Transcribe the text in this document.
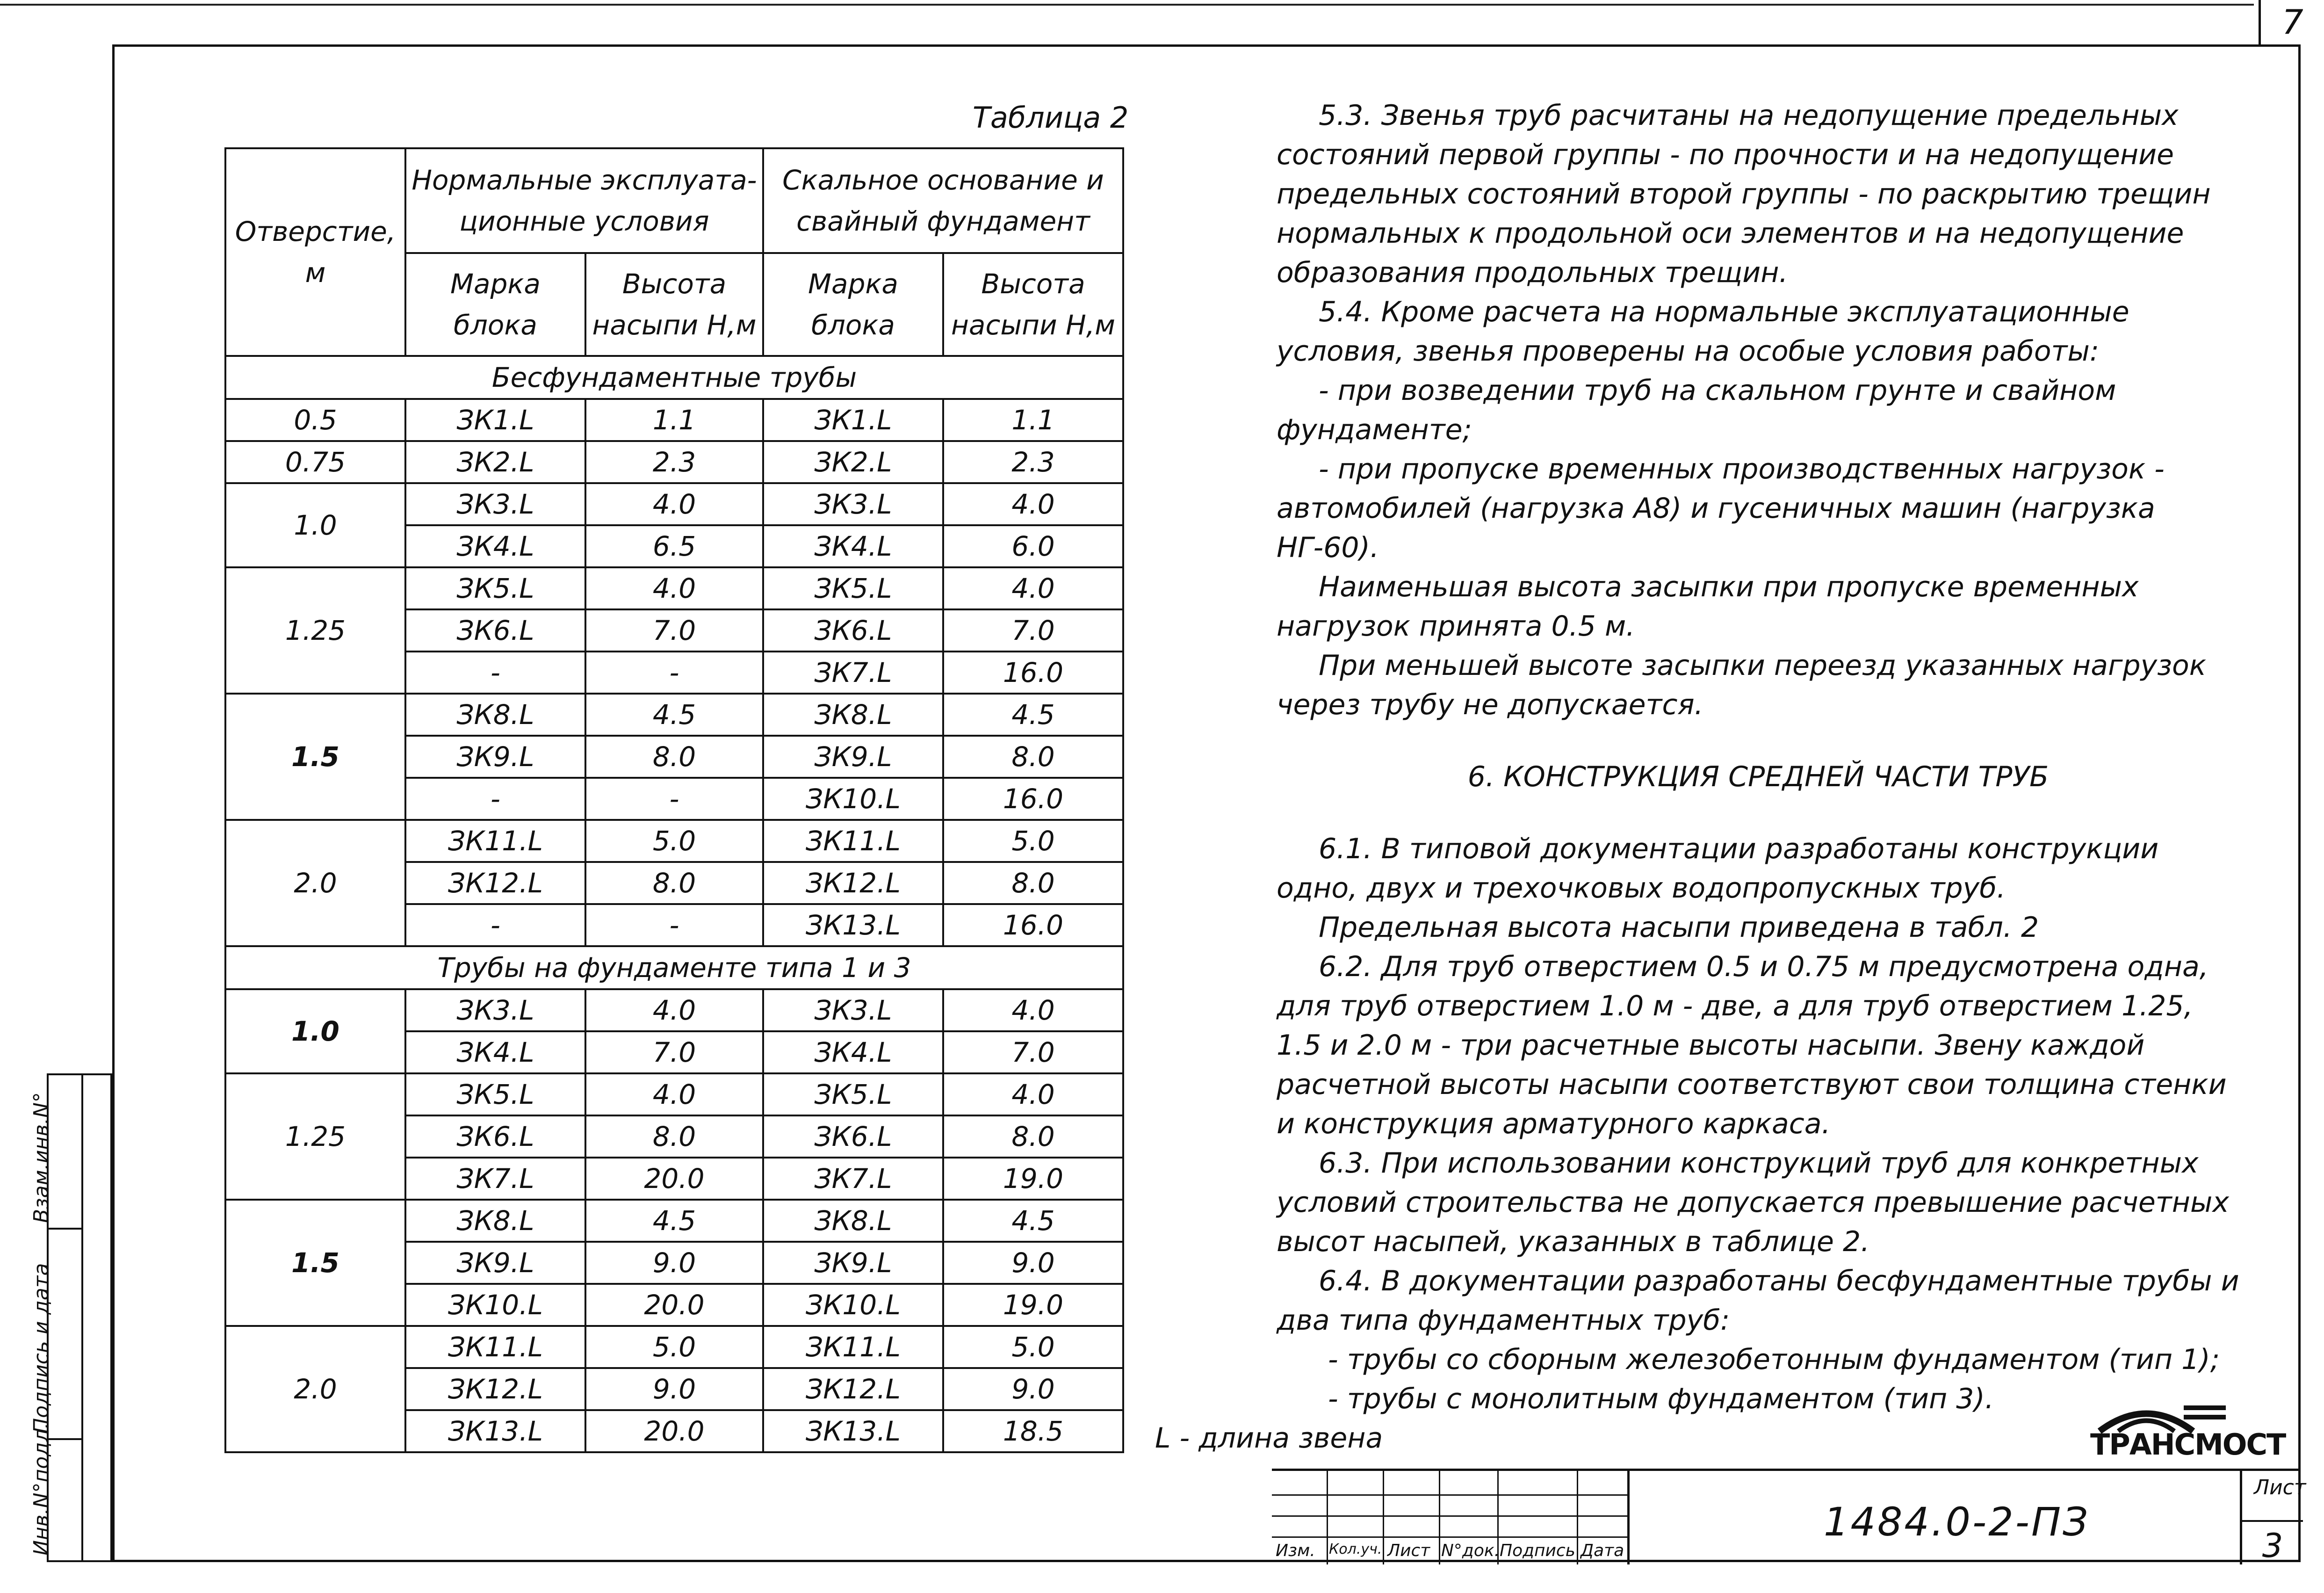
7
Инв.N°подл.
Подпись и дата
Взам.инв.N°
Таблица 2
Отверстие, м	Нормальные эксплуата-ционные условия		Скальное основание и свайный фундамент	
	Марка блока	Высота насыпи Н,м	Марка блока	Высота насыпи Н,м
Бесфундаментные трубы				
0.5	ЗК1.L	1.1	ЗК1.L	1.1
0.75	ЗК2.L	2.3	ЗК2.L	2.3
1.0	ЗК3.L	4.0	ЗК3.L	4.0
	ЗК4.L	6.5	ЗК4.L	6.0
1.25	ЗК5.L	4.0	ЗК5.L	4.0
	ЗК6.L	7.0	ЗК6.L	7.0
	-	-	ЗК7.L	16.0
1.5	ЗК8.L	4.5	ЗК8.L	4.5
	ЗК9.L	8.0	ЗК9.L	8.0
	-	-	ЗК10.L	16.0
2.0	ЗК11.L	5.0	ЗК11.L	5.0
	ЗК12.L	8.0	ЗК12.L	8.0
	-	-	ЗК13.L	16.0
Трубы на фундаменте типа 1 и 3				
1.0	ЗК3.L	4.0	ЗК3.L	4.0
	ЗК4.L	7.0	ЗК4.L	7.0
1.25	ЗК5.L	4.0	ЗК5.L	4.0
	ЗК6.L	8.0	ЗК6.L	8.0
	ЗК7.L	20.0	ЗК7.L	19.0
1.5	ЗК8.L	4.5	ЗК8.L	4.5
	ЗК9.L	9.0	ЗК9.L	9.0
	ЗК10.L	20.0	ЗК10.L	19.0
2.0	ЗК11.L	5.0	ЗК11.L	5.0
	ЗК12.L	9.0	ЗК12.L	9.0
	ЗК13.L	20.0	ЗК13.L	18.5

5.3. Звенья труб расчитаны на недопущение предельных состояний первой группы - по прочности и на недопущение предельных состояний второй группы - по раскрытию трещин нормальных к продольной оси элементов и на недопущение образования продольных трещин.

5.4. Кроме расчета на нормальные эксплуатационные условия, звенья проверены на особые условия работы:

- при возведении труб на скальном грунте и свайном фундаменте;

- при пропуске временных производственных нагрузок - автомобилей (нагрузка А8) и гусеничных машин (нагрузка НГ-60).

Наименьшая высота засыпки при пропуске временных нагрузок принята 0.5 м.

При меньшей высоте засыпки переезд указанных нагрузок через трубу не допускается.

6. КОНСТРУКЦИЯ СРЕДНЕЙ ЧАСТИ ТРУБ

6.1. В типовой документации разработаны конструкции одно, двух и трехочковых водопропускных труб.

Предельная высота насыпи приведена в табл. 2

6.2. Для труб отверстием 0.5 и 0.75 м предусмотрена одна, для труб отверстием 1.0 м - две, а для труб отверстием 1.25, 1.5 и 2.0 м - три расчетные высоты насыпи. Звену каждой расчетной высоты насыпи соответствуют свои толщина стенки и конструкция арматурного каркаса.

6.3. При использовании конструкций труб для конкретных условий строительства не допускается превышение расчетных высот насыпей, указанных в таблице 2.

6.4. В документации разработаны бесфундаментные трубы и два типа фундаментных труб:

- трубы со сборным железобетонным фундаментом (тип 1);

- трубы с монолитным фундаментом (тип 3).

L - длина звена	ТРАНСМОСТ
Изм. Кол.уч. Лист N°док. Подпись Дата
1484.0-2-ПЗ
Лист
3
